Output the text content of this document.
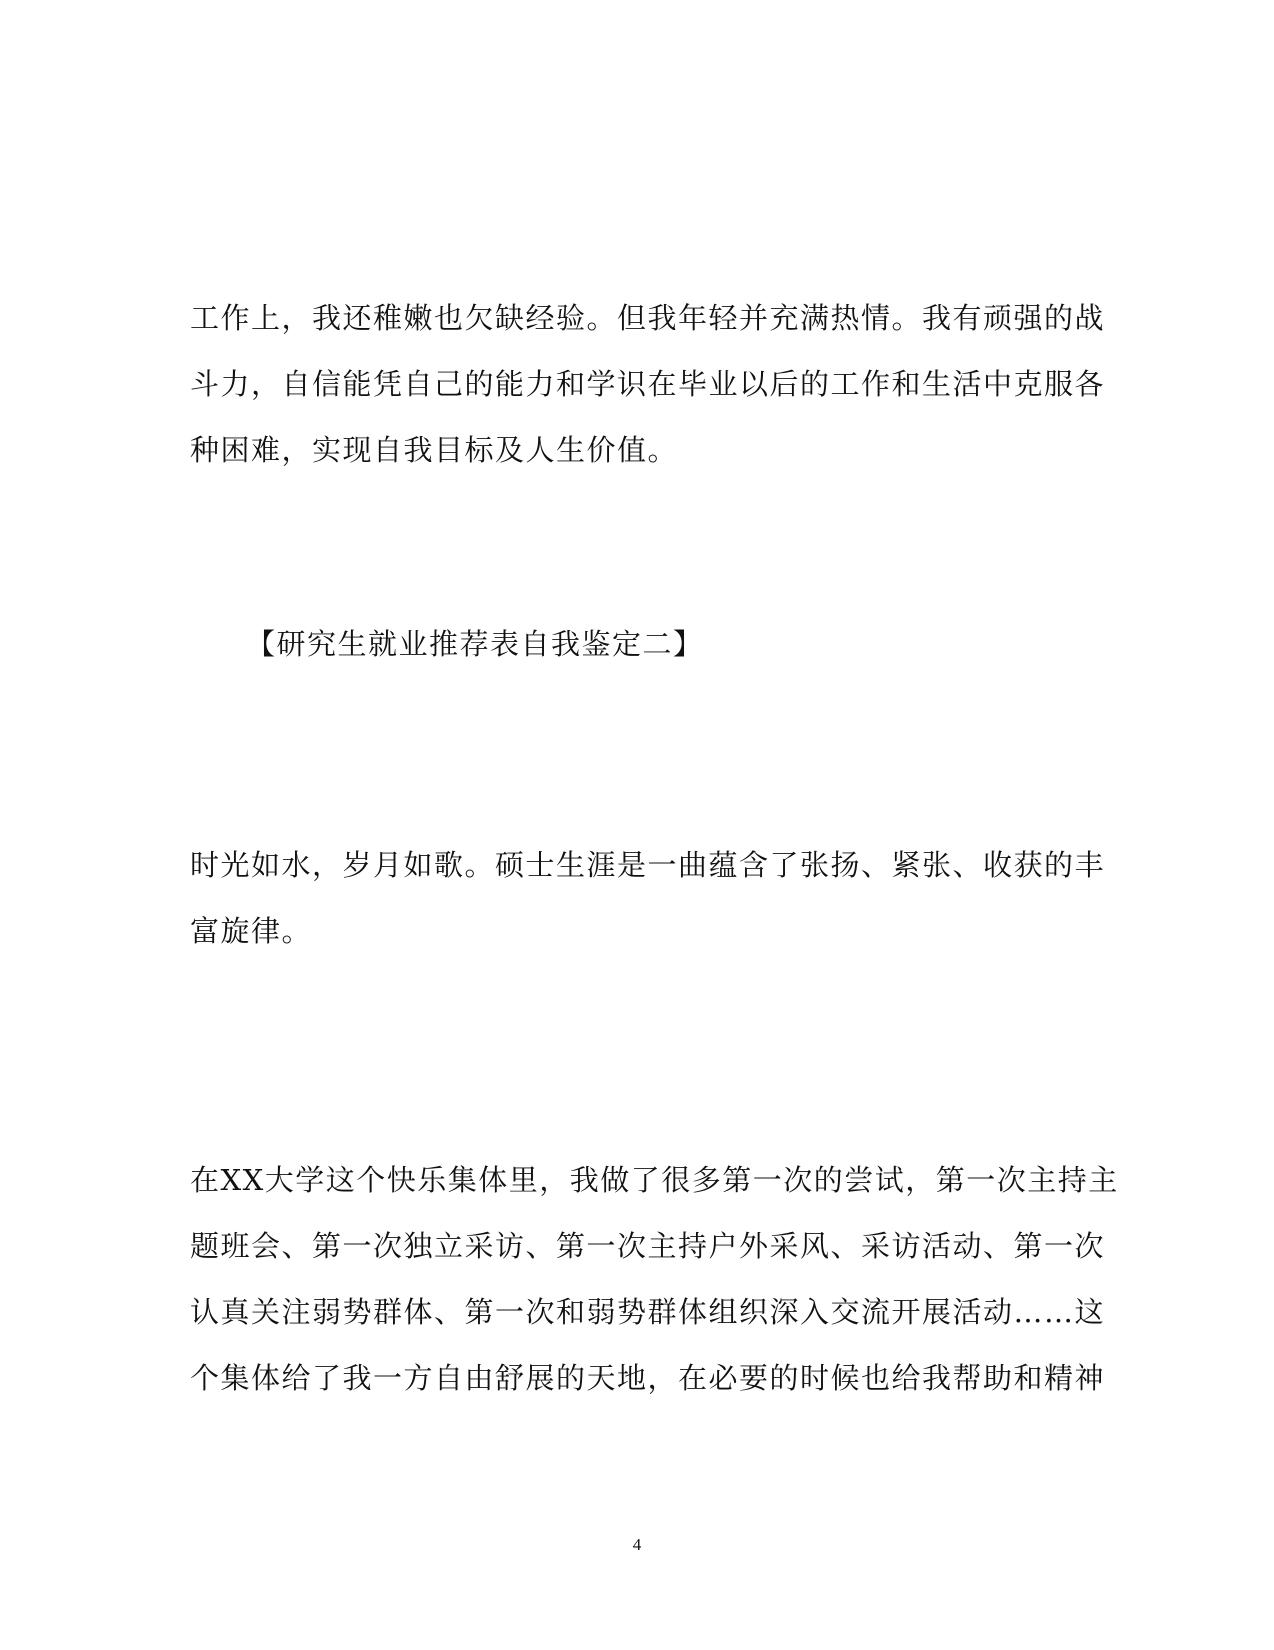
工作上，我还稚嫩也欠缺经验。但我年轻并充满热情。我有顽强的战
斗力，自信能凭自己的能力和学识在毕业以后的工作和生活中克服各
种困难，实现自我目标及人生价值。

【研究生就业推荐表自我鉴定二】

时光如水，岁月如歌。硕士生涯是一曲蕴含了张扬、紧张、收获的丰
富旋律。

在XX大学这个快乐集体里，我做了很多第一次的尝试，第一次主持主
题班会、第一次独立采访、第一次主持户外采风、采访活动、第一次
认真关注弱势群体、第一次和弱势群体组织深入交流开展活动……这
个集体给了我一方自由舒展的天地，在必要的时候也给我帮助和精神

4
